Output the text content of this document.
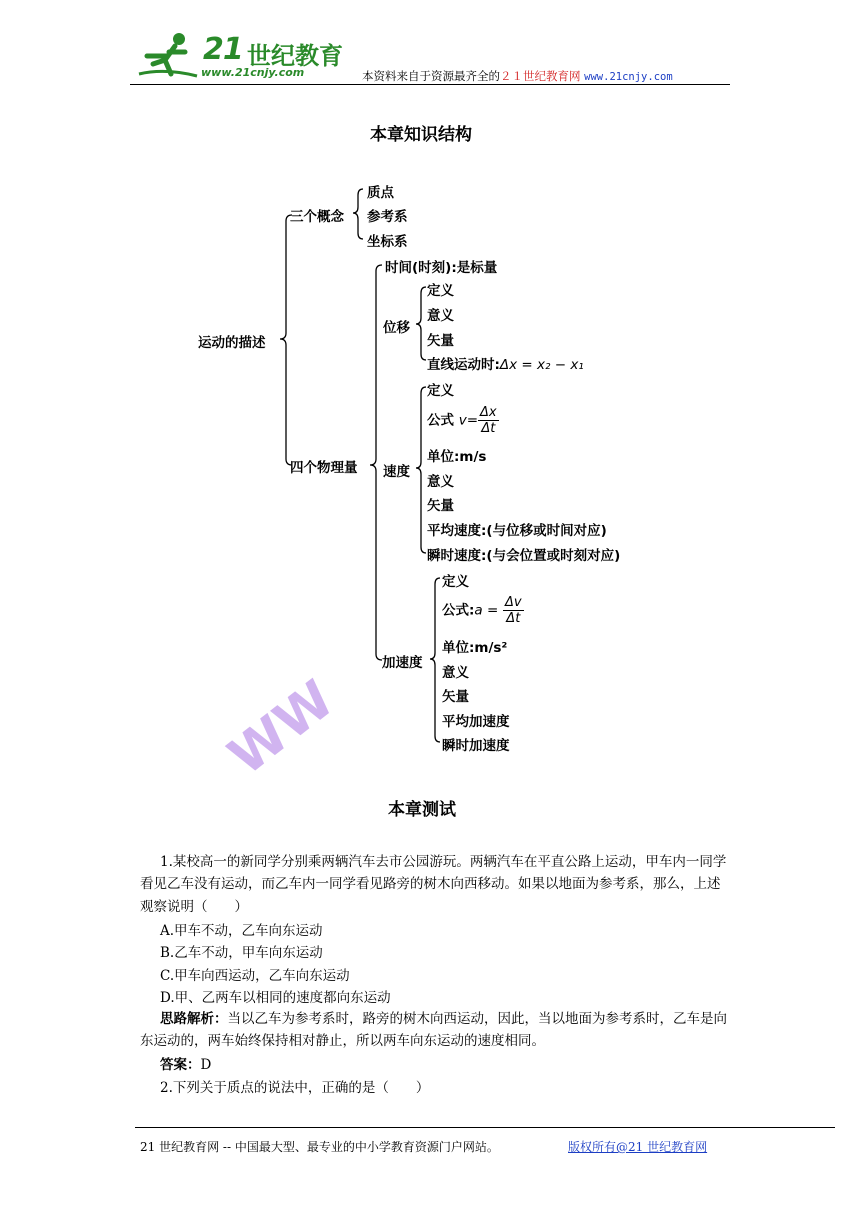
21 世纪教育
www.21cnjy.com	本资料来自于资源最齐全的２１世纪教育网 www.21cnjy.com
本章知识结构
运动的描述
三个概念
质点
参考系
坐标系
四个物理量
时间(时刻):是标量
位移
定义
意义
矢量
直线运动时:Δx = x₂ − x₁
速度
定义
公式 $v= \frac{\Delta x}{\Delta t}$
单位:m/s
意义
矢量
平均速度:(与位移或时间对应)
瞬时速度:(与会位置或时刻对应)
加速度
定义
公式:a = $\frac{\Delta v}{\Delta t}$
单位:m/s²
意义
矢量
平均加速度
瞬时加速度
WW
本章测试
1.某校高一的新同学分别乘两辆汽车去市公园游玩。两辆汽车在平直公路上运动，甲车内一同学看见乙车没有运动，而乙车内一同学看见路旁的树木向西移动。如果以地面为参考系，那么，上述观察说明（　　）
A.甲车不动，乙车向东运动
B.乙车不动，甲车向东运动
C.甲车向西运动，乙车向东运动
D.甲、乙两车以相同的速度都向东运动
思路解析：当以乙车为参考系时，路旁的树木向西运动，因此，当以地面为参考系时，乙车是向东运动的，两车始终保持相对静止，所以两车向东运动的速度相同。
答案：D
2.下列关于质点的说法中，正确的是（　　）
21 世纪教育网 -- 中国最大型、最专业的中小学教育资源门户网站。	版权所有@21 世纪教育网
